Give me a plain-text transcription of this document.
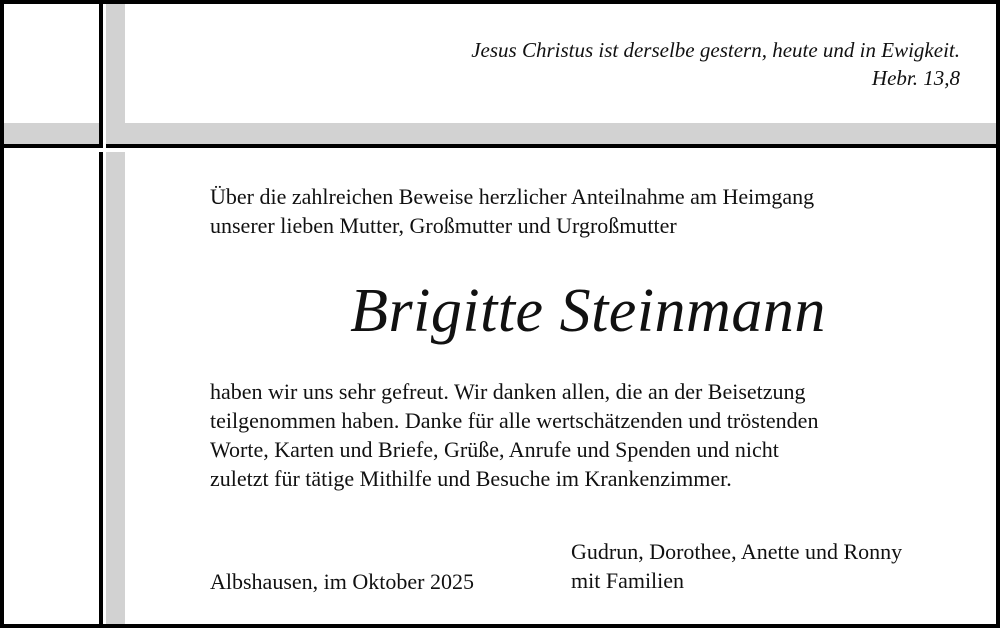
Jesus Christus ist derselbe gestern, heute und in Ewigkeit.
Hebr. 13,8
Über die zahlreichen Beweise herzlicher Anteilnahme am Heimgang
unserer lieben Mutter, Großmutter und Urgroßmutter
Brigitte Steinmann
haben wir uns sehr gefreut. Wir danken allen, die an der Beisetzung
teilgenommen haben. Danke für alle wertschätzenden und tröstenden
Worte, Karten und Briefe, Grüße, Anrufe und Spenden und nicht
zuletzt für tätige Mithilfe und Besuche im Krankenzimmer.
Albshausen, im Oktober 2025
Gudrun, Dorothee, Anette und Ronny
mit Familien
